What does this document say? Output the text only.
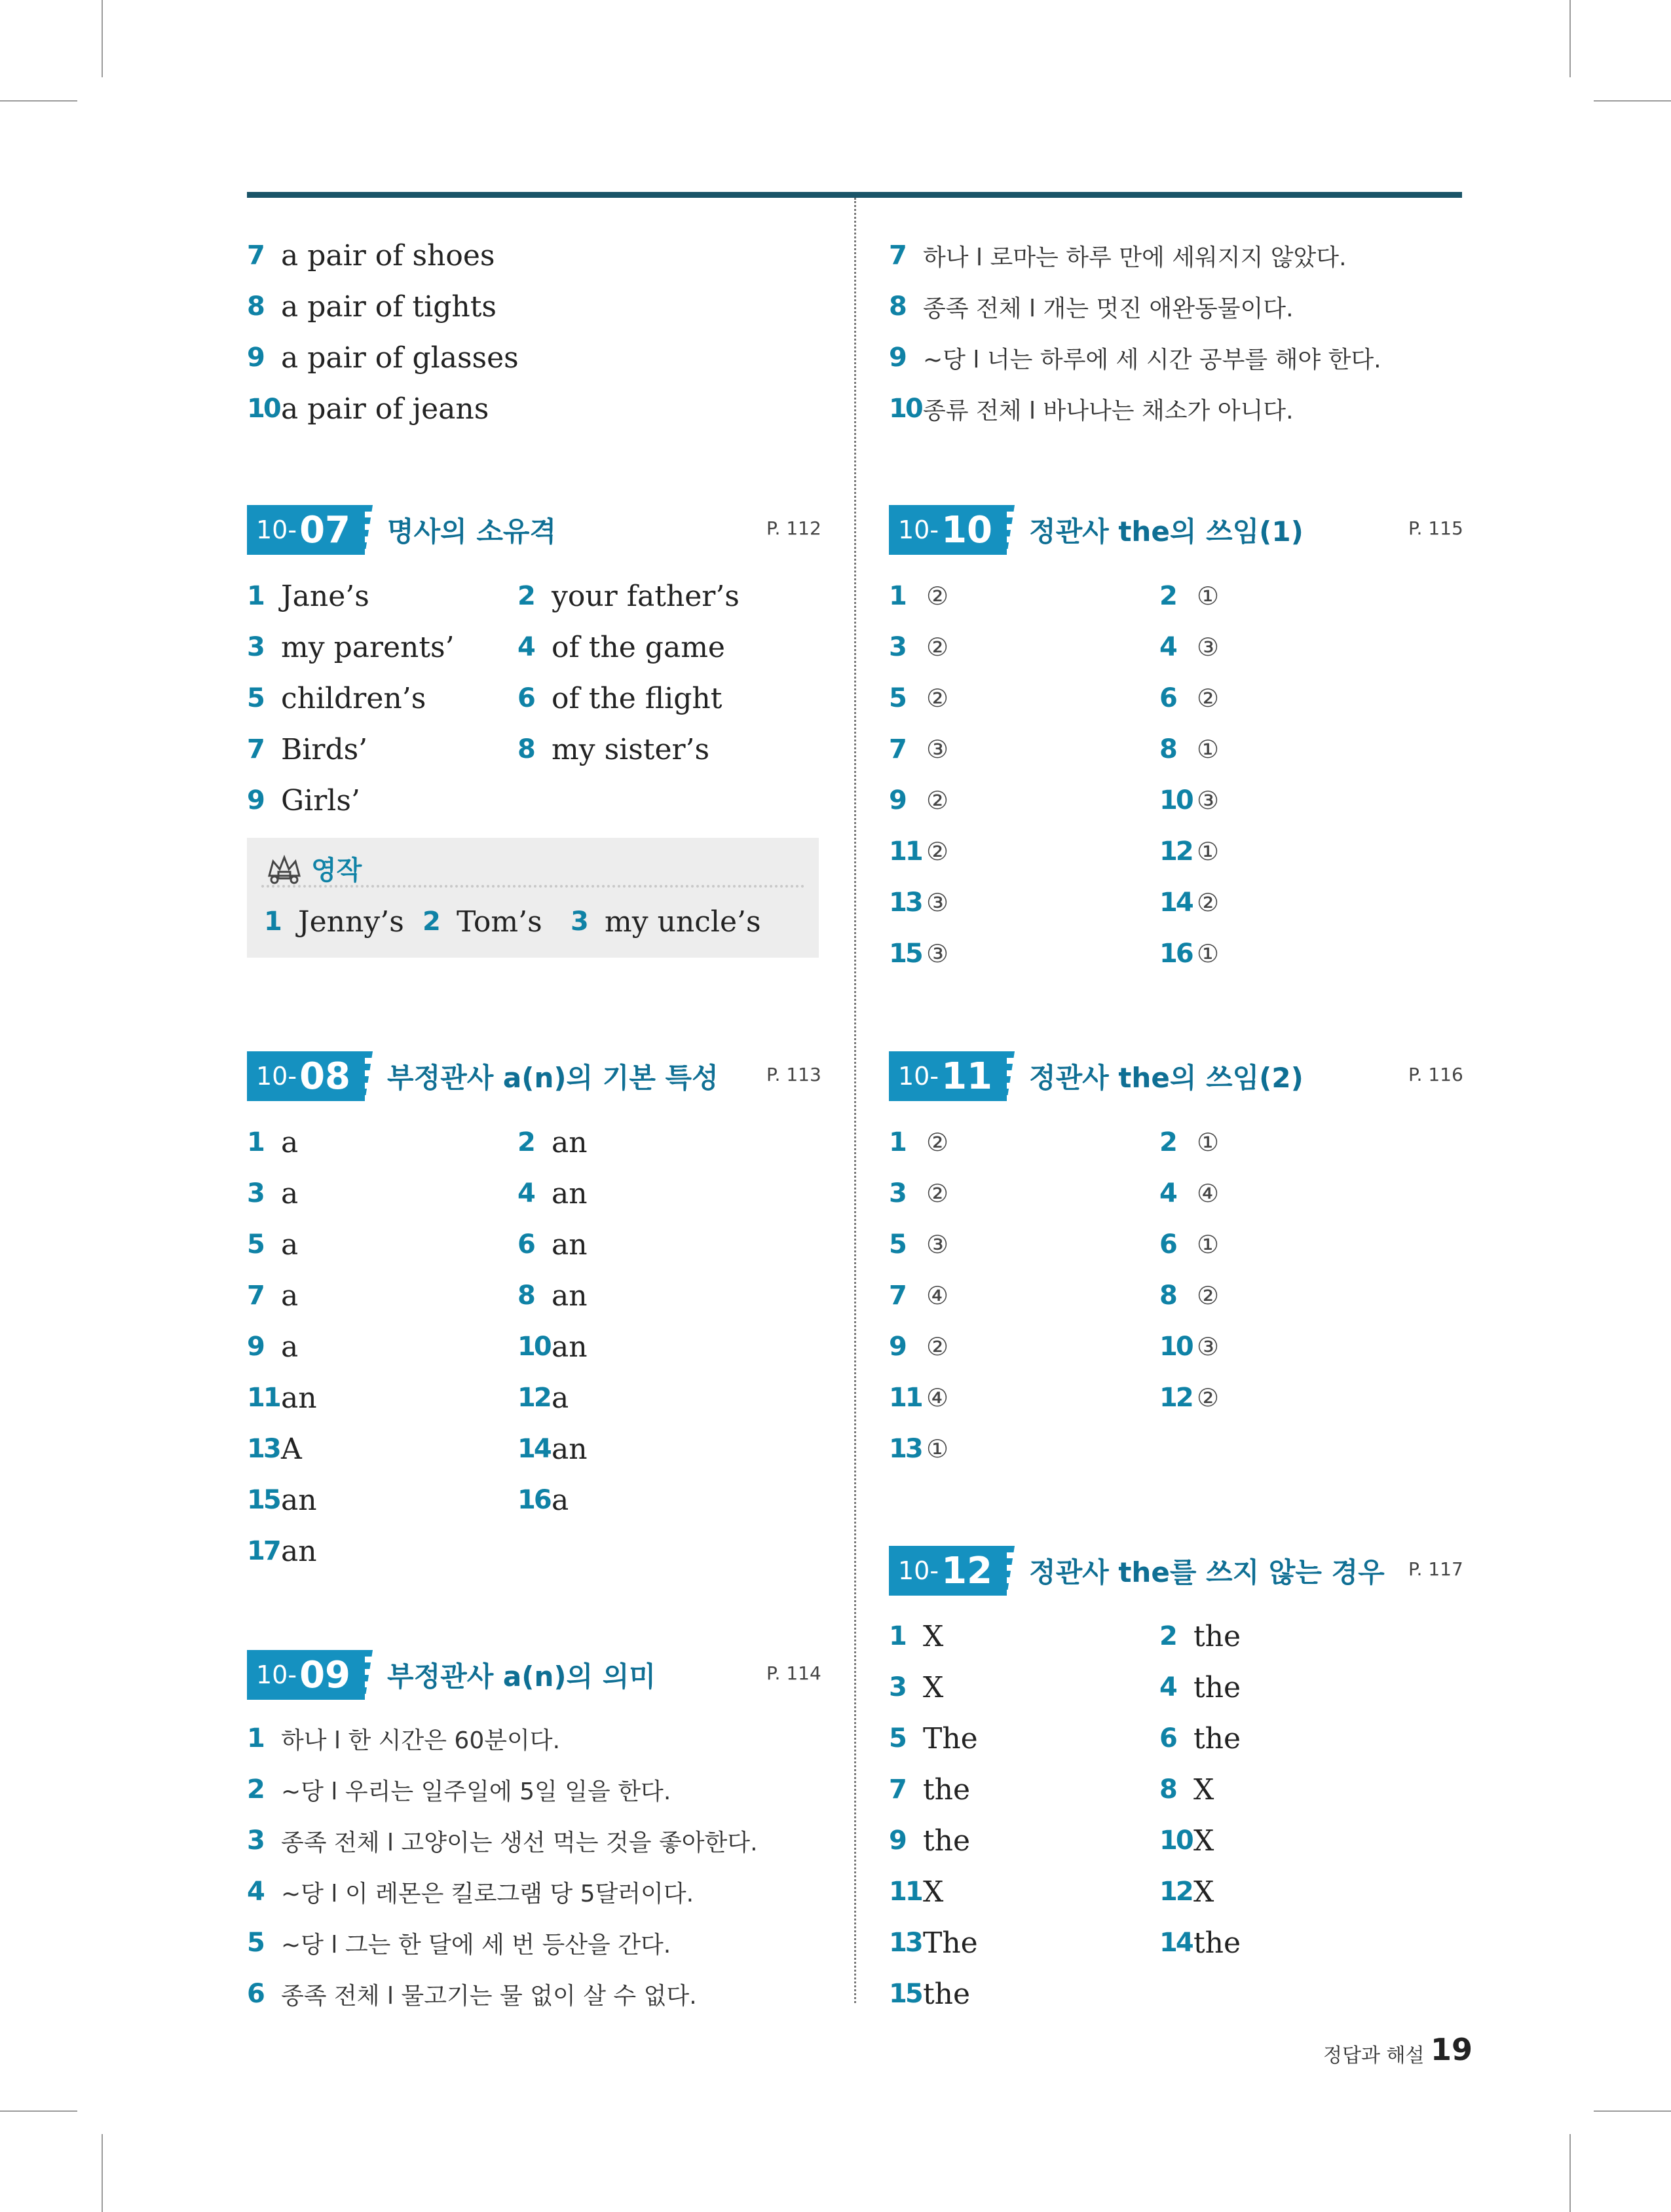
7 a pair of shoes
8 a pair of tights
9 a pair of glasses
10 a pair of jeans
7 하나 l 로마는 하루 만에 세워지지 않았다.
8 종족 전체 l 개는 멋진 애완동물이다.
9 ~당 l 너는 하루에 세 시간 공부를 해야 한다.
10 종류 전체 l 바나나는 채소가 아니다.
10- 07 명사의 소유격	P. 112
1 Jane’s	2 your father’s
3 my parents’ 4 of the game
5 children’s	6 of the flight
7 Birds’	8 my sister’s
9 Girls’
영작
1 Jenny’s 2 Tom’s 3 my uncle’s
10- 08 부정관사 a(n)의 기본 특성	P. 113
1 a	2 an
3 a	4 an
5 a	6 an
7 a	8 an
9 a	10 an
11 an	12 a
13 A	14 an
15 an	16 a
17 an
10- 09 부정관사 a(n)의 의미	P. 114
1 하나 l 한 시간은 60분이다.
2 ~당 l 우리는 일주일에 5일 일을 한다.
3 종족 전체 l 고양이는 생선 먹는 것을 좋아한다.
4 ~당 l 이 레몬은 킬로그램 당 5달러이다.
5 ~당 l 그는 한 달에 세 번 등산을 간다.
6 종족 전체 l 물고기는 물 없이 살 수 없다.
10- 10 정관사 the의 쓰임(1)	P. 115
1 ②	2 ①
3 ②	4 ③
5 ②	6 ②
7 ③	8 ①
9 ②	10 ③
11 ②	12 ①
13 ③	14 ②
15 ③	16 ①
10- 11 정관사 the의 쓰임(2)	P. 116
1 ②	2 ①
3 ②	4 ④
5 ③	6 ①
7 ④	8 ②
9 ②	10 ③
11 ④	12 ②
13 ①
10- 12 정관사 the를 쓰지 않는 경우 P. 117
1 X	2 the
3 X	4 the
5 The	6 the
7 the	8 X
9 the	10 X
11 X	12 X
13 The	14 the
15 the
정답과 해설 19
